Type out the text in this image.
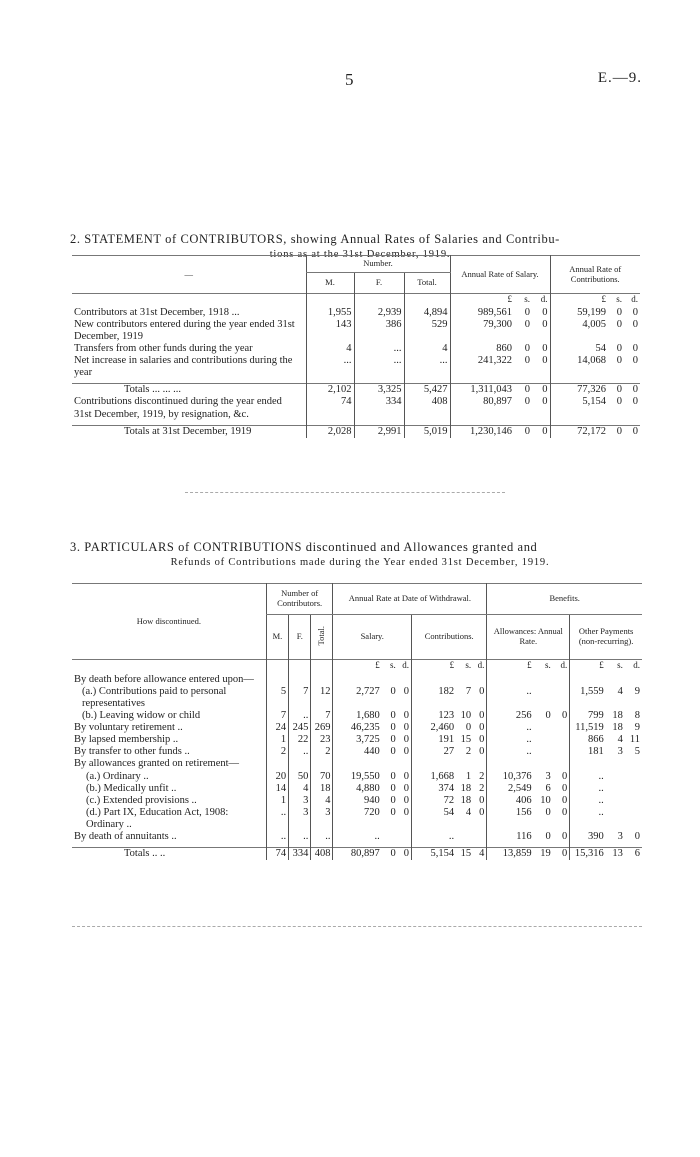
5	E.—9.
2. STATEMENT of CONTRIBUTORS, showing Annual Rates of Salaries and Contribu-
tions as at the 31st December, 1919.
—	Number.			Annual Rate of Salary.			Annual Rate of Contributions.		
	M.	F.	Total.						
				£	s.	d.	£	s.	d.
Contributors at 31st December, 1918 ...	1,955	2,939	4,894	989,561	0	0	59,199	0	0
New contributors entered during the year ended 31st December, 1919	143	386	529	79,300	0	0	4,005	0	0
Transfers from other funds during the year	4	...	4	860	0	0	54	0	0
Net increase in salaries and contributions during the year	...	...	...	241,322	0	0	14,068	0	0

Totals ... ... ...	2,102	3,325	5,427	1,311,043	0	0	77,326	0	0
Contributions discontinued during the year ended 31st December, 1919, by resignation, &c.	74	334	408	80,897	0	0	5,154	0	0

Totals at 31st December, 1919	2,028	2,991	5,019	1,230,146	0	0	72,172	0	0
3. PARTICULARS of CONTRIBUTIONS discontinued and Allowances granted and
Refunds of Contributions made during the Year ended 31st December, 1919.
How discontinued.	Number of Contributors.			Annual Rate at Date of Withdrawal.						Benefits.					
	M.	F.	Total.	Salary.			Contributions.			Allowances: Annual Rate.			Other Payments (non-recurring).		
				£	s.	d.	£	s.	d.	£	s.	d.	£	s.	d.
By death before allowance entered upon—															
(a.) Contributions paid to personal representatives	5	7	12	2,727	0	0	182	7	0	..			1,559	4	9
(b.) Leaving widow or child	7	..	7	1,680	0	0	123	10	0	256	0	0	799	18	8
By voluntary retirement ..	24	245	269	46,235	0	0	2,460	0	0	..			11,519	18	9
By lapsed membership ..	1	22	23	3,725	0	0	191	15	0	..			866	4	11
By transfer to other funds ..	2	..	2	440	0	0	27	2	0	..			181	3	5
By allowances granted on retirement—															
(a.) Ordinary ..	20	50	70	19,550	0	0	1,668	1	2	10,376	3	0	..		
(b.) Medically unfit ..	14	4	18	4,880	0	0	374	18	2	2,549	6	0	..		
(c.) Extended provisions ..	1	3	4	940	0	0	72	18	0	406	10	0	..		
(d.) Part IX, Education Act, 1908: Ordinary ..	..	3	3	720	0	0	54	4	0	156	0	0	..		
By death of annuitants ..	..	..	..	..			..			116	0	0	390	3	0

Totals .. ..	74	334	408	80,897	0	0	5,154	15	4	13,859	19	0	15,316	13	6
